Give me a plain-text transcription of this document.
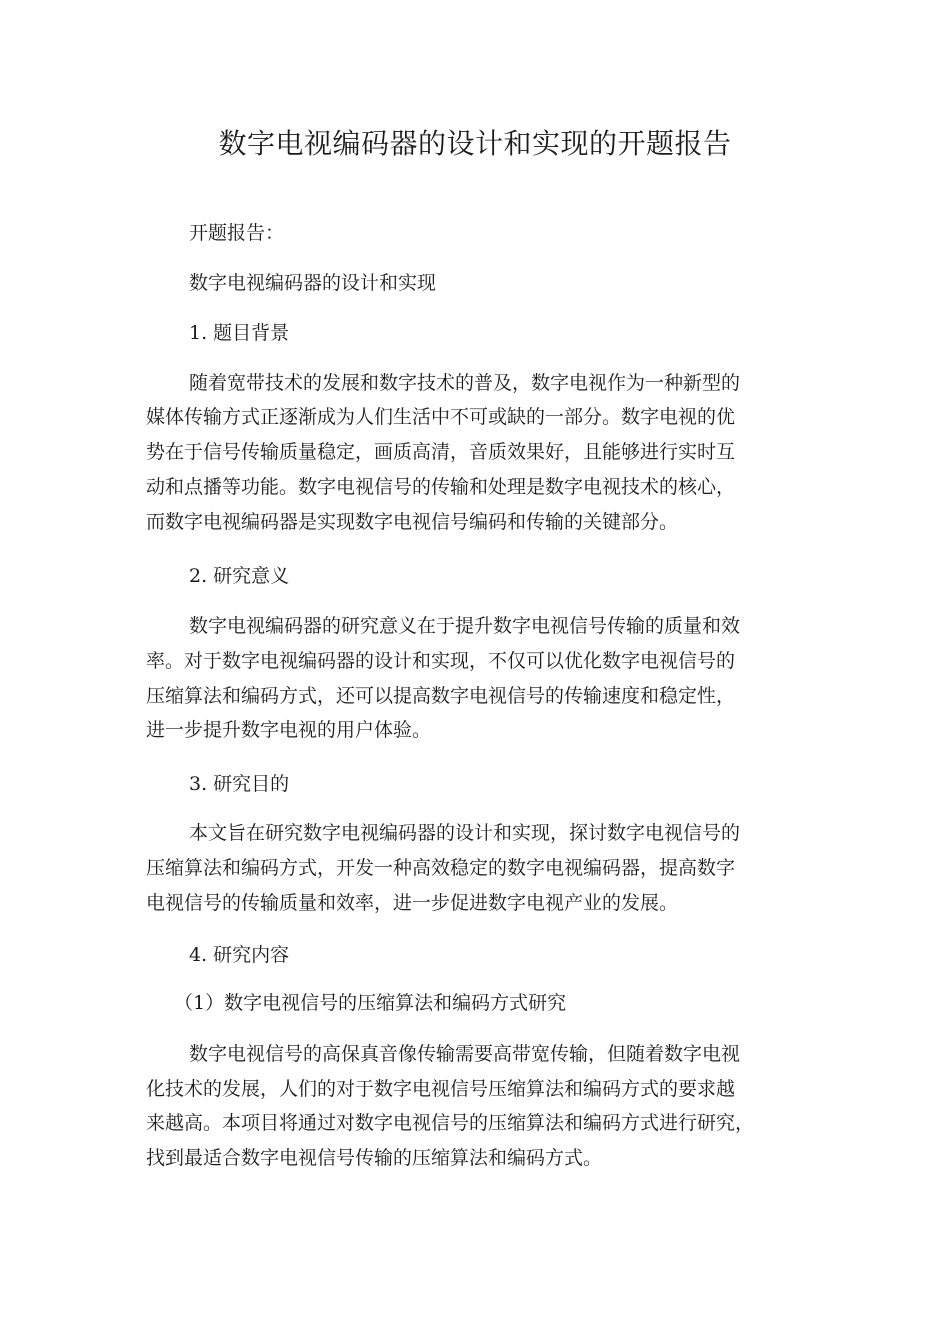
数字电视编码器的设计和实现的开题报告
开题报告：
数字电视编码器的设计和实现
1. 题目背景
随着宽带技术的发展和数字技术的普及，数字电视作为一种新型的
媒体传输方式正逐渐成为人们生活中不可或缺的一部分。数字电视的优
势在于信号传输质量稳定，画质高清，音质效果好，且能够进行实时互
动和点播等功能。数字电视信号的传输和处理是数字电视技术的核心，
而数字电视编码器是实现数字电视信号编码和传输的关键部分。
2. 研究意义
数字电视编码器的研究意义在于提升数字电视信号传输的质量和效
率。对于数字电视编码器的设计和实现，不仅可以优化数字电视信号的
压缩算法和编码方式，还可以提高数字电视信号的传输速度和稳定性，
进一步提升数字电视的用户体验。
3. 研究目的
本文旨在研究数字电视编码器的设计和实现，探讨数字电视信号的
压缩算法和编码方式，开发一种高效稳定的数字电视编码器，提高数字
电视信号的传输质量和效率，进一步促进数字电视产业的发展。
4. 研究内容
（1）数字电视信号的压缩算法和编码方式研究
数字电视信号的高保真音像传输需要高带宽传输，但随着数字电视
化技术的发展，人们的对于数字电视信号压缩算法和编码方式的要求越
来越高。本项目将通过对数字电视信号的压缩算法和编码方式进行研究，
找到最适合数字电视信号传输的压缩算法和编码方式。
